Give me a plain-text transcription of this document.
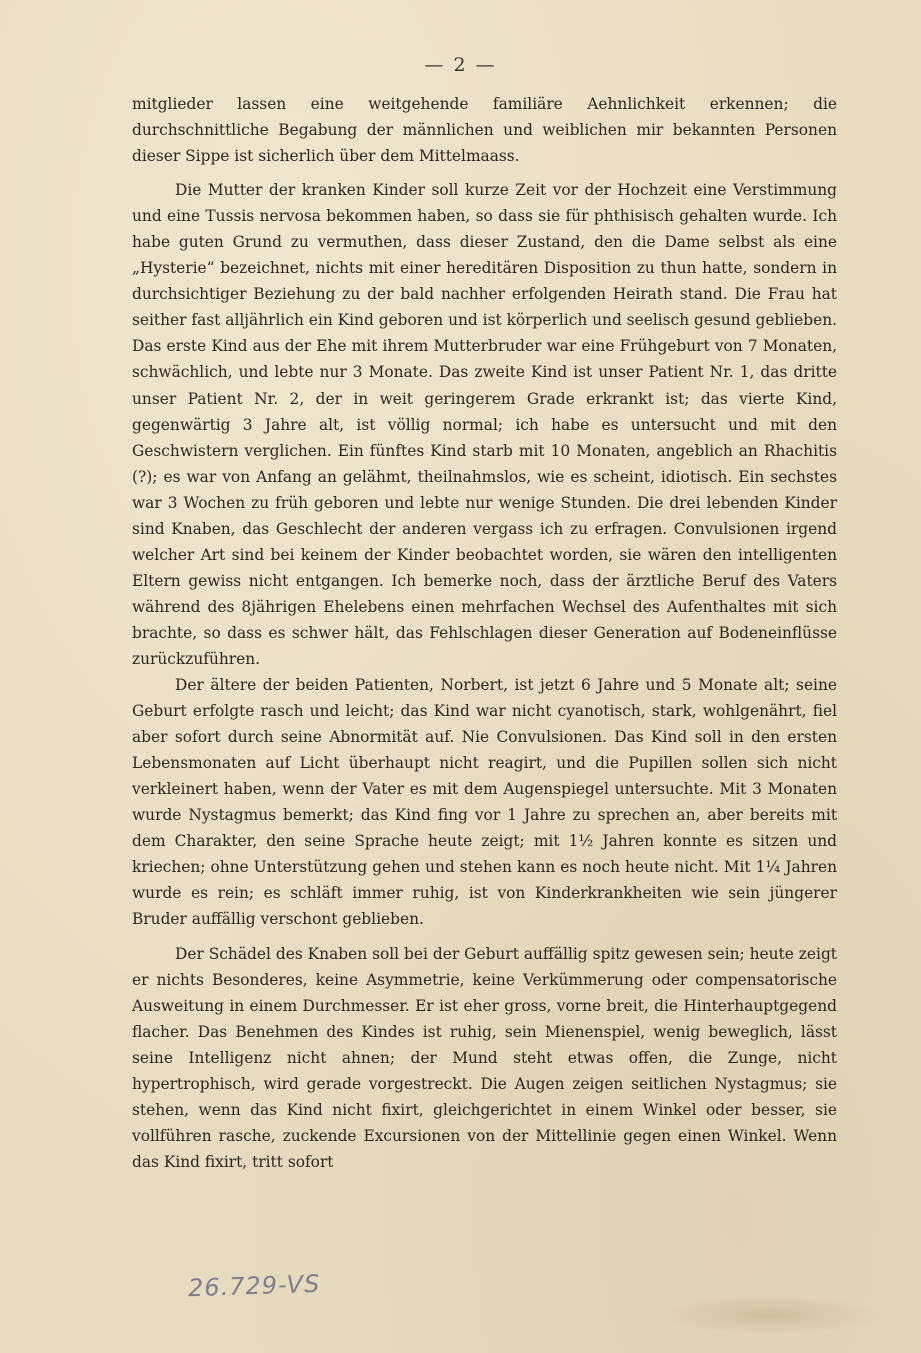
— 2 —

mitglieder lassen eine weitgehende familiäre Aehnlichkeit erkennen; die durchschnittliche Begabung der männlichen und weiblichen mir bekannten Personen dieser Sippe ist sicherlich über dem Mittelmaass.

Die Mutter der kranken Kinder soll kurze Zeit vor der Hochzeit eine Verstimmung und eine Tussis nervosa bekommen haben, so dass sie für phthisisch gehalten wurde. Ich habe guten Grund zu vermuthen, dass dieser Zustand, den die Dame selbst als eine „Hysterie“ bezeichnet, nichts mit einer hereditären Disposition zu thun hatte, sondern in durchsichtiger Beziehung zu der bald nachher erfolgenden Heirath stand. Die Frau hat seither fast alljährlich ein Kind geboren und ist körperlich und seelisch gesund geblieben. Das erste Kind aus der Ehe mit ihrem Mutterbruder war eine Frühgeburt von 7 Monaten, schwächlich, und lebte nur 3 Monate. Das zweite Kind ist unser Patient Nr. 1, das dritte unser Patient Nr. 2, der in weit geringerem Grade erkrankt ist; das vierte Kind, gegenwärtig 3 Jahre alt, ist völlig normal; ich habe es untersucht und mit den Geschwistern verglichen. Ein fünftes Kind starb mit 10 Monaten, angeblich an Rhachitis (?); es war von Anfang an gelähmt, theilnahmslos, wie es scheint, idiotisch. Ein sechstes war 3 Wochen zu früh geboren und lebte nur wenige Stunden. Die drei lebenden Kinder sind Knaben, das Geschlecht der anderen vergass ich zu erfragen. Convulsionen irgend welcher Art sind bei keinem der Kinder beobachtet worden, sie wären den intelligenten Eltern gewiss nicht entgangen. Ich bemerke noch, dass der ärztliche Beruf des Vaters während des 8jährigen Ehelebens einen mehrfachen Wechsel des Aufenthaltes mit sich brachte, so dass es schwer hält, das Fehlschlagen dieser Generation auf Bodeneinflüsse zurückzuführen.

Der ältere der beiden Patienten, Norbert, ist jetzt 6 Jahre und 5 Monate alt; seine Geburt erfolgte rasch und leicht; das Kind war nicht cyanotisch, stark, wohlgenährt, fiel aber sofort durch seine Abnormität auf. Nie Convulsionen. Das Kind soll in den ersten Lebensmonaten auf Licht überhaupt nicht reagirt, und die Pupillen sollen sich nicht verkleinert haben, wenn der Vater es mit dem Augenspiegel untersuchte. Mit 3 Monaten wurde Nystagmus bemerkt; das Kind fing vor 1 Jahre zu sprechen an, aber bereits mit dem Charakter, den seine Sprache heute zeigt; mit 1½ Jahren konnte es sitzen und kriechen; ohne Unterstützung gehen und stehen kann es noch heute nicht. Mit 1¼ Jahren wurde es rein; es schläft immer ruhig, ist von Kinderkrankheiten wie sein jüngerer Bruder auffällig verschont geblieben.

Der Schädel des Knaben soll bei der Geburt auffällig spitz gewesen sein; heute zeigt er nichts Besonderes, keine Asymmetrie, keine Verkümmerung oder compensatorische Ausweitung in einem Durchmesser. Er ist eher gross, vorne breit, die Hinterhauptgegend flacher. Das Benehmen des Kindes ist ruhig, sein Mienenspiel, wenig beweglich, lässt seine Intelligenz nicht ahnen; der Mund steht etwas offen, die Zunge, nicht hypertrophisch, wird gerade vorgestreckt. Die Augen zeigen seitlichen Nystagmus; sie stehen, wenn das Kind nicht fixirt, gleichgerichtet in einem Winkel oder besser, sie vollführen rasche, zuckende Excursionen von der Mittellinie gegen einen Winkel. Wenn das Kind fixirt, tritt sofort

26.729-VS
